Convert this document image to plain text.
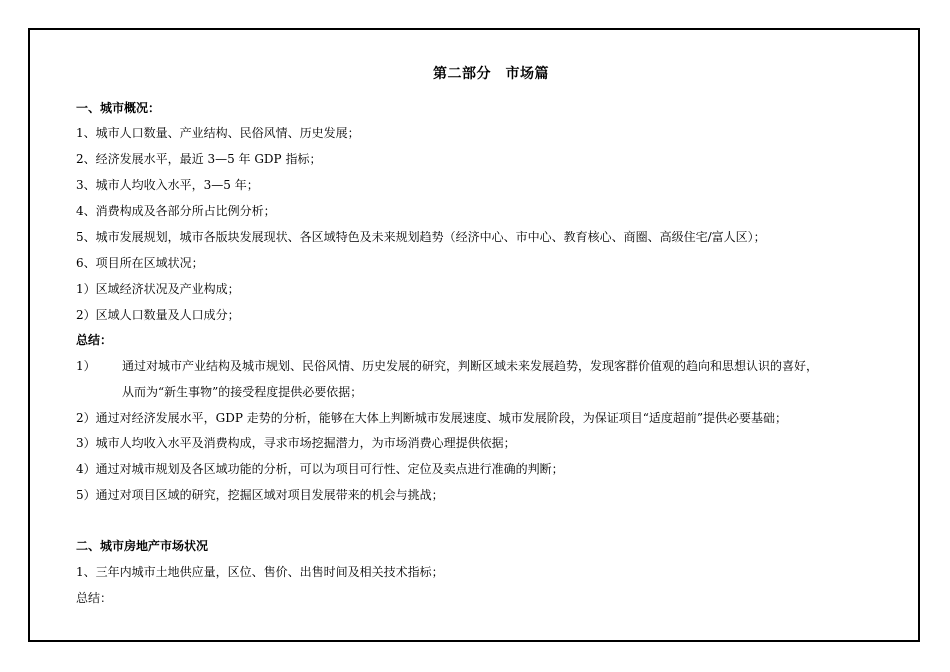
第二部分　市场篇
一、城市概况：
1、城市人口数量、产业结构、民俗风情、历史发展；
2、经济发展水平，最近 3—5 年 GDP 指标；
3、城市人均收入水平，3—5 年；
4、消费构成及各部分所占比例分析；
5、城市发展规划，城市各版块发展现状、各区域特色及未来规划趋势（经济中心、市中心、教育核心、商圈、高级住宅/富人区）；
6、项目所在区域状况；
1）区域经济状况及产业构成；
2）区域人口数量及人口成分；
总结：
1） 通过对城市产业结构及城市规划、民俗风情、历史发展的研究，判断区域未来发展趋势，发现客群价值观的趋向和思想认识的喜好，
从而为“新生事物”的接受程度提供必要依据；
2）通过对经济发展水平，GDP 走势的分析，能够在大体上判断城市发展速度、城市发展阶段，为保证项目“适度超前”提供必要基础；
3）城市人均收入水平及消费构成，寻求市场挖掘潜力，为市场消费心理提供依据；
4）通过对城市规划及各区域功能的分析，可以为项目可行性、定位及卖点进行准确的判断；
5）通过对项目区域的研究，挖掘区域对项目发展带来的机会与挑战；
二、城市房地产市场状况
1、三年内城市土地供应量，区位、售价、出售时间及相关技术指标；
总结：
